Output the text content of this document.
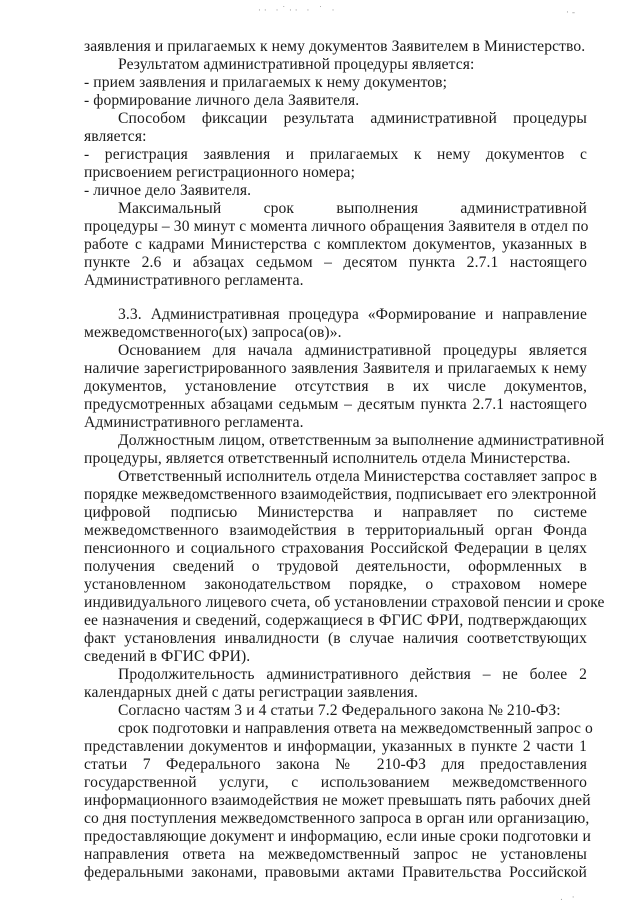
·· ·˙·· · ˙ ·	·-
. ·
заявления и прилагаемых к нему документов Заявителем в Министерство.
Результатом административной процедуры является:
- прием заявления и прилагаемых к нему документов;
- формирование личного дела Заявителя.
Способом фиксации результата административной процедуры
является:
- регистрация заявления и прилагаемых к нему документов с
присвоением регистрационного номера;
- личное дело Заявителя.
Максимальный срок выполнения административной
процедуры – 30 минут с момента личного обращения Заявителя в отдел по
работе с кадрами Министерства с комплектом документов, указанных в
пункте 2.6 и абзацах седьмом – десятом пункта 2.7.1 настоящего
Административного регламента.
3.3. Административная процедура «Формирование и направление
межведомственного(ых) запроса(ов)».
Основанием для начала административной процедуры является
наличие зарегистрированного заявления Заявителя и прилагаемых к нему
документов, установление отсутствия в их числе документов,
предусмотренных абзацами седьмым – десятым пункта 2.7.1 настоящего
Административного регламента.
Должностным лицом, ответственным за выполнение административной
процедуры, является ответственный исполнитель отдела Министерства.
Ответственный исполнитель отдела Министерства составляет запрос в
порядке межведомственного взаимодействия, подписывает его электронной
цифровой подписью Министерства и направляет по системе
межведомственного взаимодействия в территориальный орган Фонда
пенсионного и социального страхования Российской Федерации в целях
получения сведений о трудовой деятельности, оформленных в
установленном законодательством порядке, о страховом номере
индивидуального лицевого счета, об установлении страховой пенсии и сроке
ее назначения и сведений, содержащиеся в ФГИС ФРИ, подтверждающих
факт установления инвалидности (в случае наличия соответствующих
сведений в ФГИС ФРИ).
Продолжительность административного действия – не более 2
календарных дней с даты регистрации заявления.
Согласно частям 3 и 4 статьи 7.2 Федерального закона № 210-ФЗ:
срок подготовки и направления ответа на межведомственный запрос о
представлении документов и информации, указанных в пункте 2 части 1
статьи 7 Федерального закона № 210-ФЗ для предоставления
государственной услуги, с использованием межведомственного
информационного взаимодействия не может превышать пять рабочих дней
со дня поступления межведомственного запроса в орган или организацию,
предоставляющие документ и информацию, если иные сроки подготовки и
направления ответа на межведомственный запрос не установлены
федеральными законами, правовыми актами Правительства Российской
